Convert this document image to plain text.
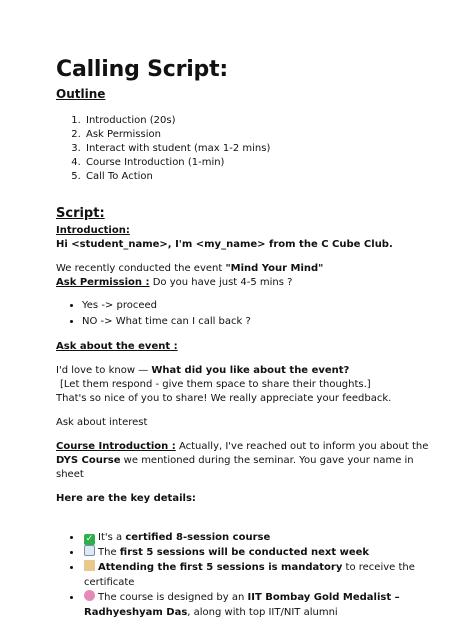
Calling Script:

Outline

1. Introduction (20s)
2. Ask Permission
3. Interact with student (max 1-2 mins)
4. Course Introduction (1-min)
5. Call To Action

Script:

Introduction:

Hi <student_name>, I'm <my_name> from the C Cube Club.

We recently conducted the event "Mind Your Mind"

Ask Permission : Do you have just 4-5 mins ?

• Yes -> proceed
• NO -> What time can I call back ?

Ask about the event :

I'd love to know — What did you like about the event?

[Let them respond - give them space to share their thoughts.]

That's so nice of you to share! We really appreciate your feedback.

Ask about interest

Course Introduction : Actually, I've reached out to inform you about the DYS Course we mentioned during the seminar. You gave your name in sheet

Here are the key details:

• ✓ It's a certified 8-session course
• The first 5 sessions will be conducted next week
• Attending the first 5 sessions is mandatory to receive the certificate
• The course is designed by an IIT Bombay Gold Medalist – Radhyeshyam Das, along with top IIT/NIT alumni
